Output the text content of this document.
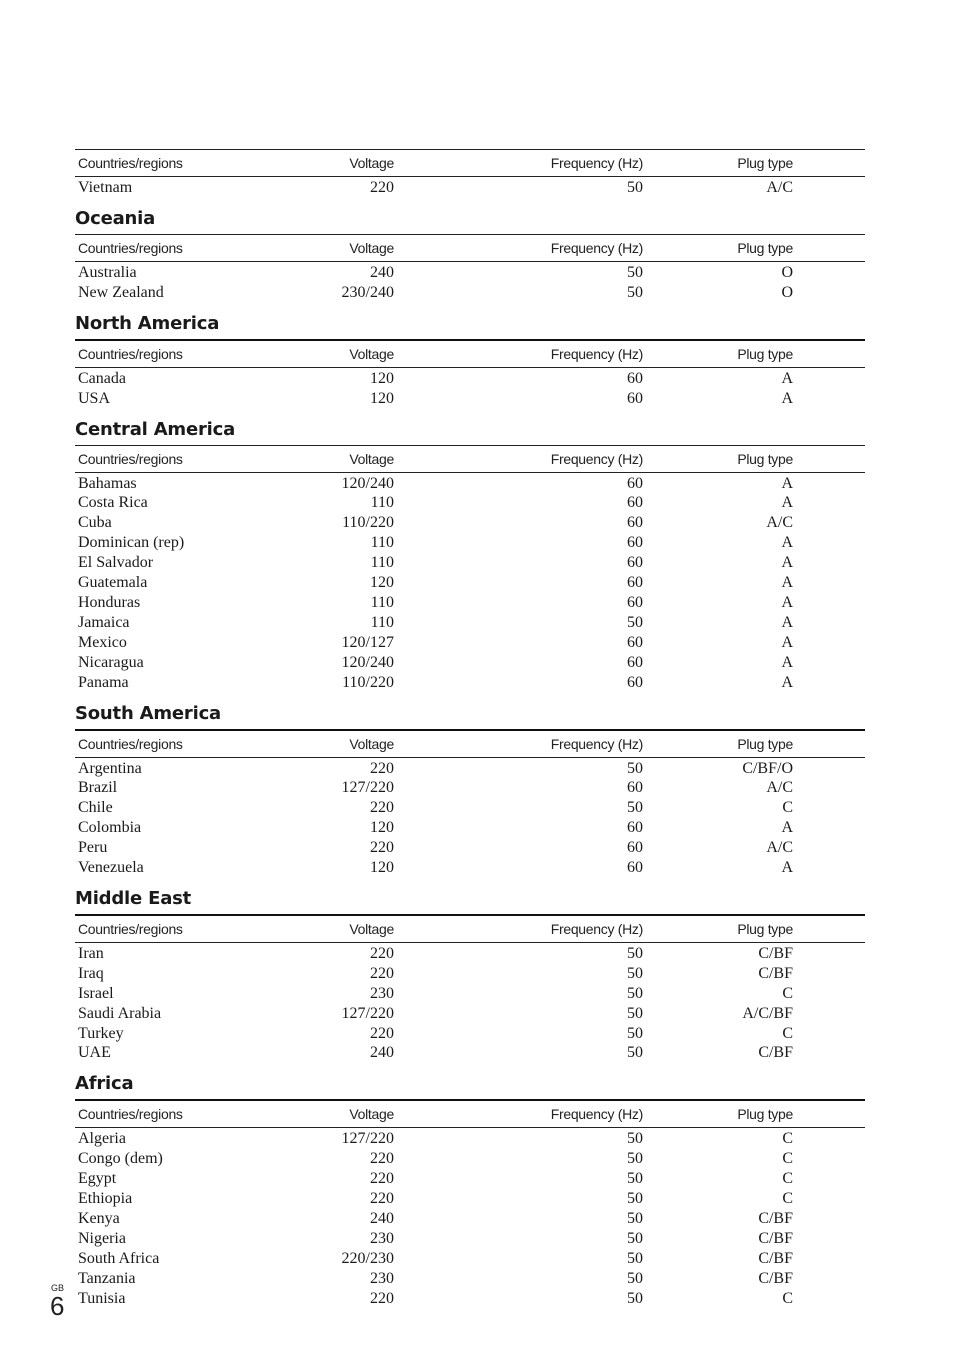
Countries/regions	Voltage	Frequency (Hz)	Plug type
Vietnam	220	50	A/C
Oceania
Countries/regions	Voltage	Frequency (Hz)	Plug type
Australia	240	50	O
New Zealand	230/240	50	O
North America
Countries/regions	Voltage	Frequency (Hz)	Plug type
Canada	120	60	A
USA	120	60	A
Central America
Countries/regions	Voltage	Frequency (Hz)	Plug type
Bahamas	120/240	60	A
Costa Rica	110	60	A
Cuba	110/220	60	A/C
Dominican (rep)	110	60	A
El Salvador	110	60	A
Guatemala	120	60	A
Honduras	110	60	A
Jamaica	110	50	A
Mexico	120/127	60	A
Nicaragua	120/240	60	A
Panama	110/220	60	A
South America
Countries/regions	Voltage	Frequency (Hz)	Plug type
Argentina	220	50	C/BF/O
Brazil	127/220	60	A/C
Chile	220	50	C
Colombia	120	60	A
Peru	220	60	A/C
Venezuela	120	60	A
Middle East
Countries/regions	Voltage	Frequency (Hz)	Plug type
Iran	220	50	C/BF
Iraq	220	50	C/BF
Israel	230	50	C
Saudi Arabia	127/220	50	A/C/BF
Turkey	220	50	C
UAE	240	50	C/BF
Africa
Countries/regions	Voltage	Frequency (Hz)	Plug type
Algeria	127/220	50	C
Congo (dem)	220	50	C
Egypt	220	50	C
Ethiopia	220	50	C
Kenya	240	50	C/BF
Nigeria	230	50	C/BF
South Africa	220/230	50	C/BF
Tanzania	230	50	C/BF
Tunisia	220	50	C
GB
6
